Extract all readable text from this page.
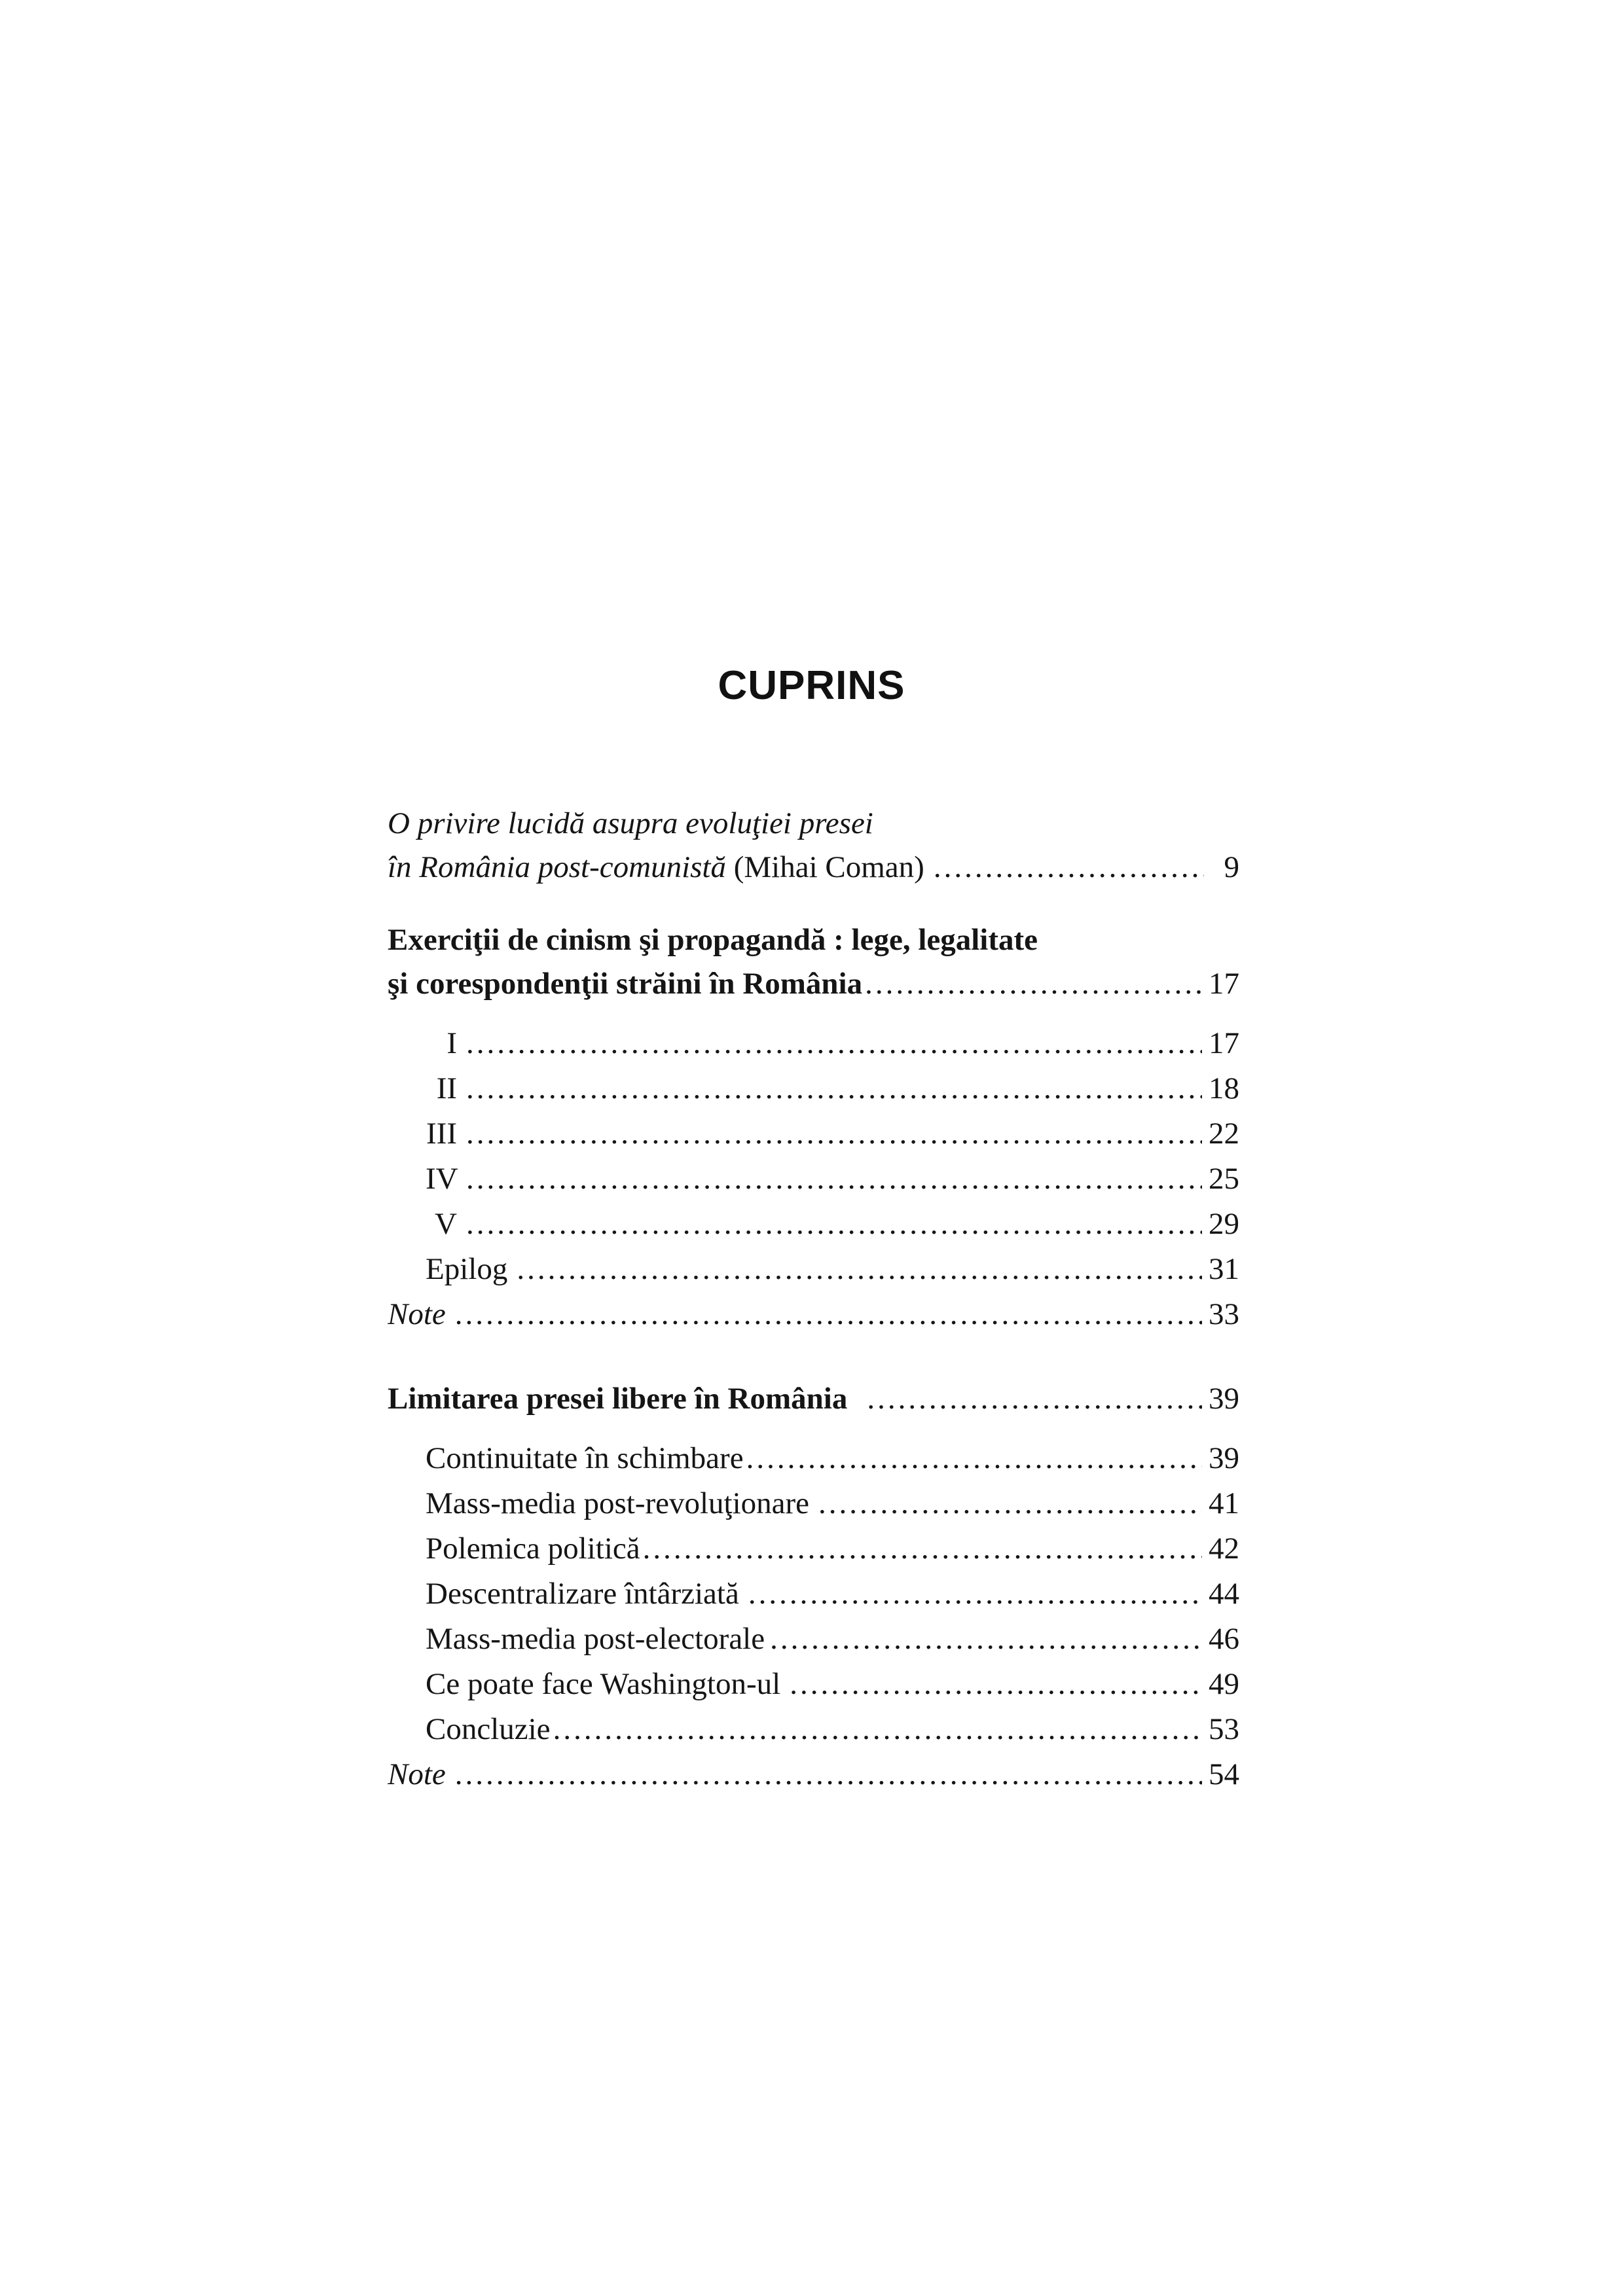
CUPRINS
O privire lucidă asupra evoluţiei presei
în România post-comunistă (Mihai Coman) .....	9
Exerciţii de cinism şi propagandă : lege, legalitate
şi corespondenţii străini în România .....	17
I .....	17
II .....	18
III .....	22
IV .....	25
V .....	29
Epilog .....	31
Note .....	33
Limitarea presei libere în România .....	39
Continuitate în schimbare .....	39
Mass-media post-revoluţionare .....	41
Polemica politică .....	42
Descentralizare întârziată .....	44
Mass-media post-electorale .....	46
Ce poate face Washington-ul .....	49
Concluzie .....	53
Note .....	54
